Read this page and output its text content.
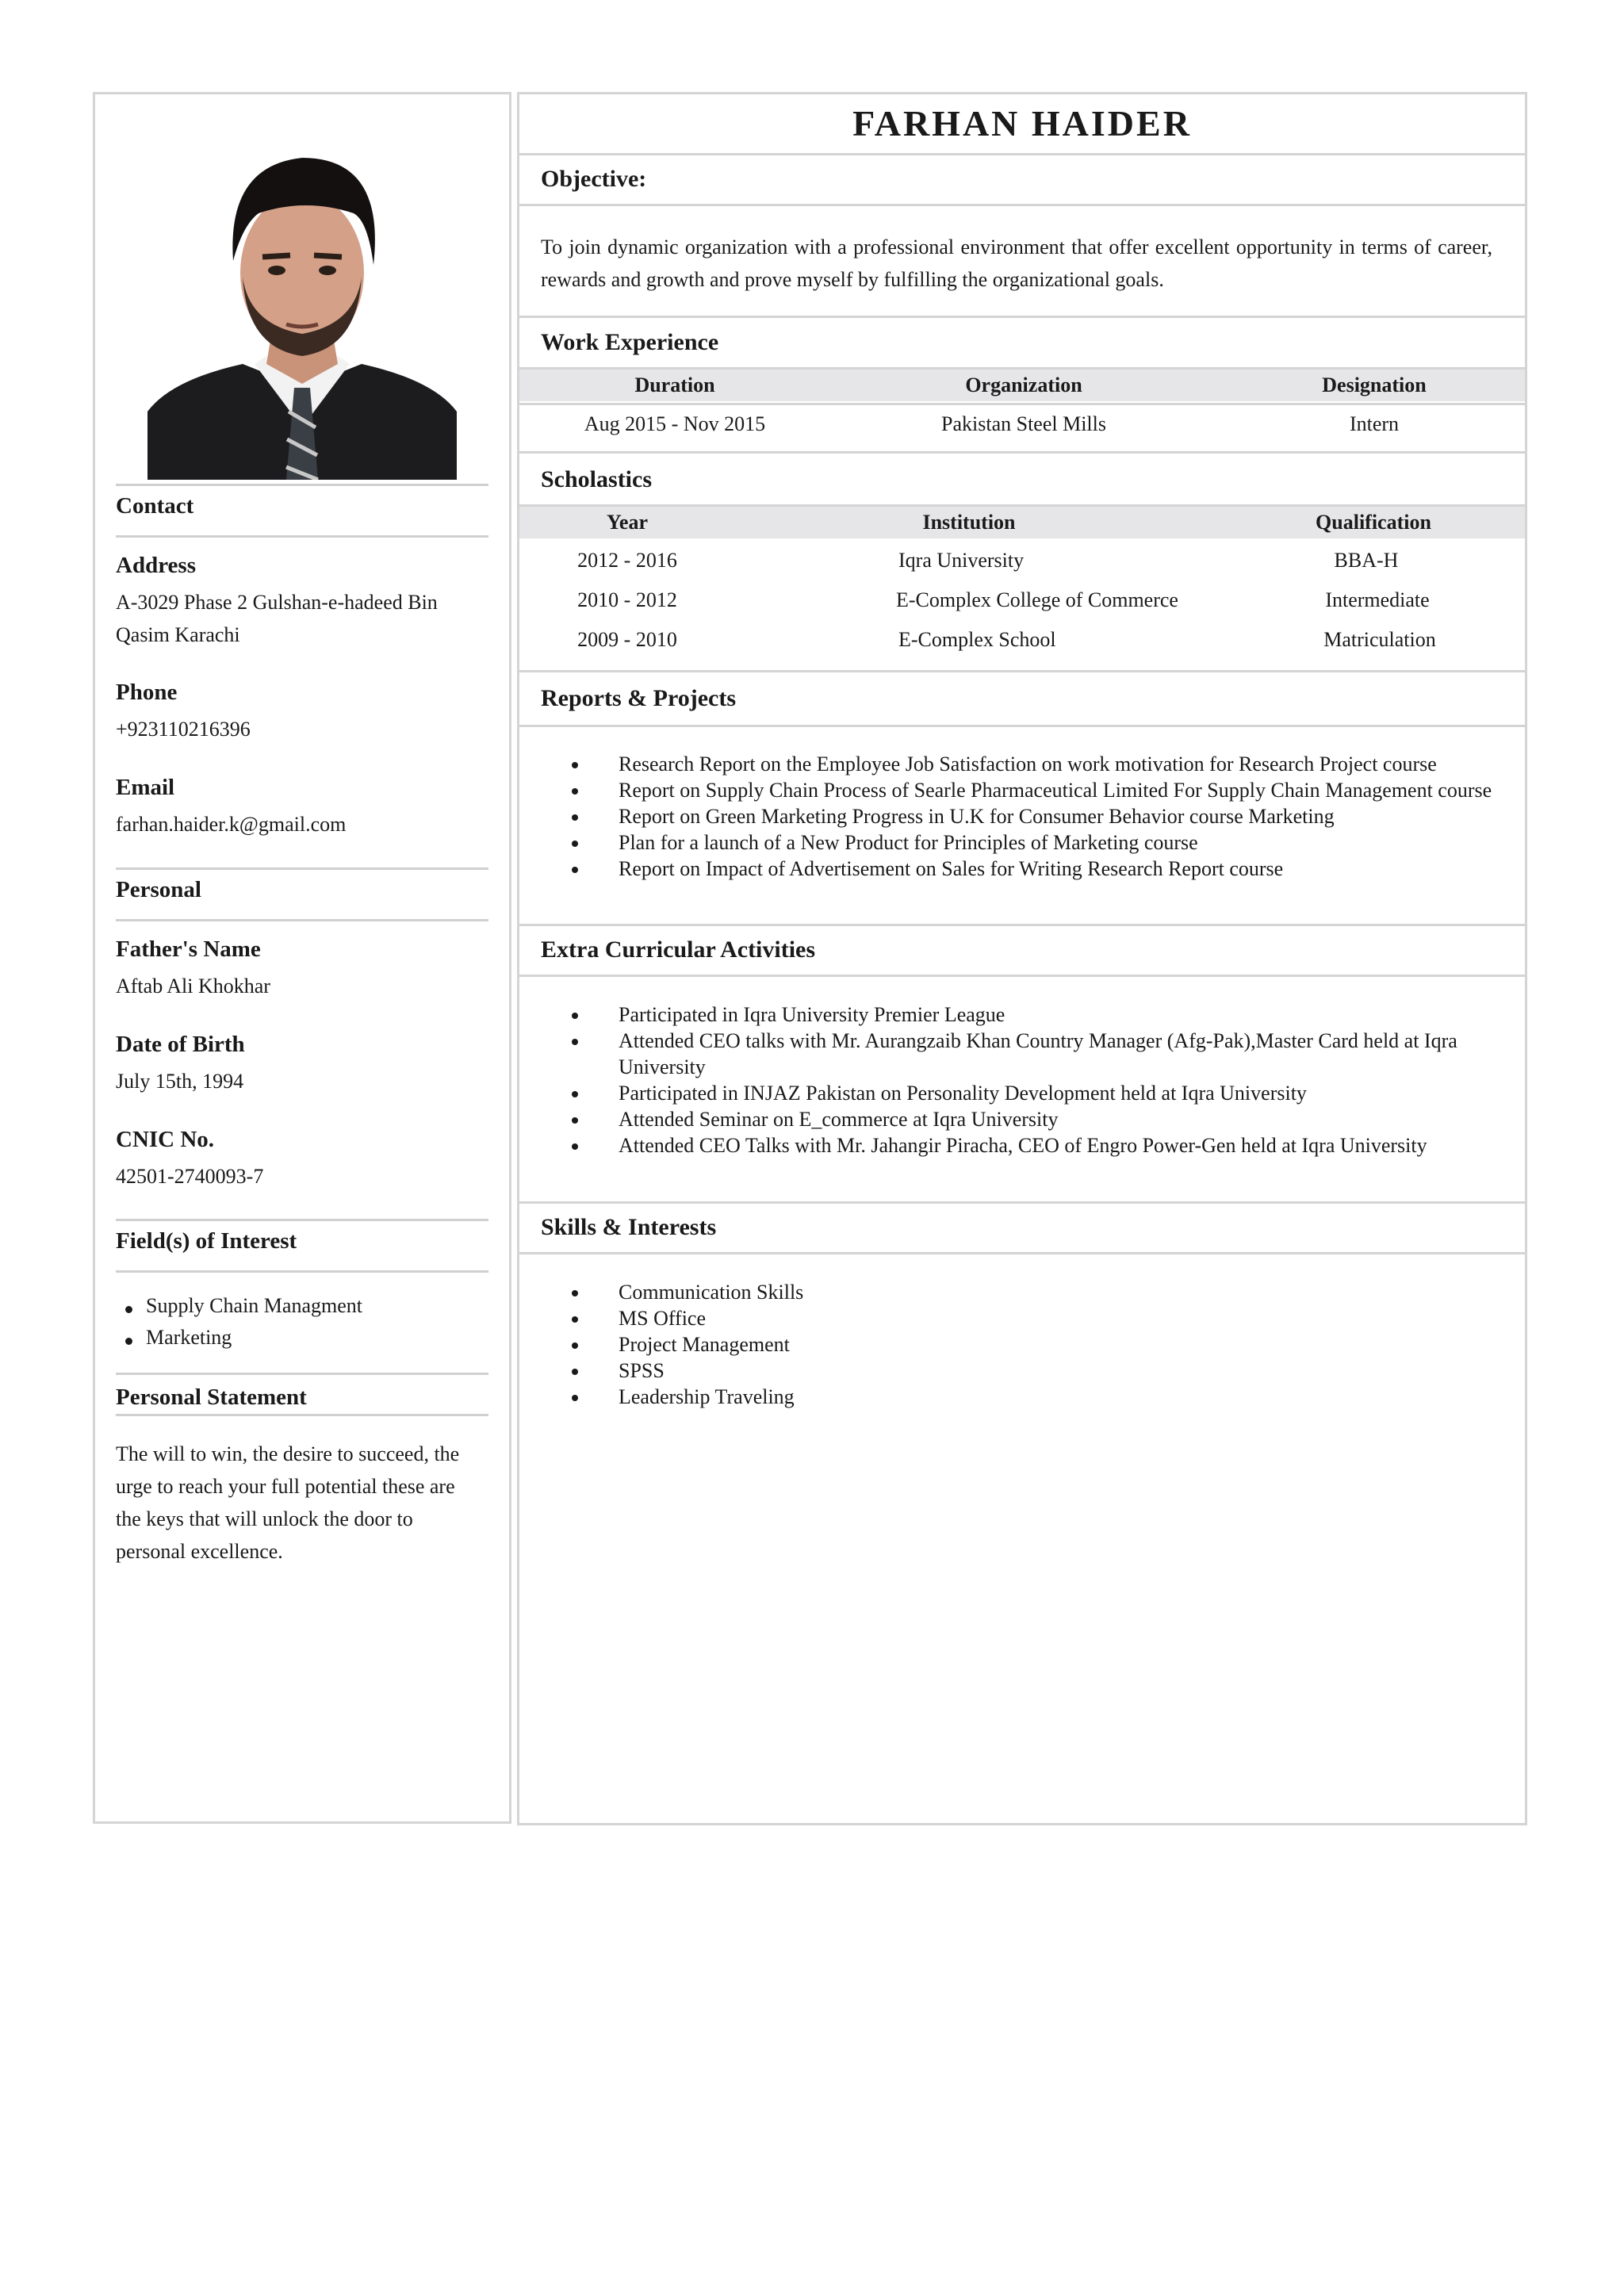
Contact
Address
A-3029 Phase 2 Gulshan-e-hadeed Bin Qasim Karachi
Phone
+923110216396
Email
farhan.haider.k@gmail.com
Personal
Father's Name
Aftab Ali Khokhar
Date of Birth
July 15th, 1994
CNIC No.
42501-2740093-7
Field(s) of Interest
Supply Chain Managment
Marketing
Personal Statement
The will to win, the desire to succeed, the urge to reach your full potential these are the keys that will unlock the door to personal excellence.
FARHAN HAIDER
Objective:
To join dynamic organization with a professional environment that offer excellent opportunity in terms of career, rewards and growth and prove myself by fulfilling the organizational goals.
Work Experience
Duration	Organization	Designation
Aug 2015 - Nov 2015	Pakistan Steel Mills	Intern
Scholastics
Year	Institution	Qualification
2012 - 2016	Iqra University	BBA-H
2010 - 2012	E-Complex College of Commerce	Intermediate
2009 - 2010	E-Complex School	Matriculation
Reports & Projects
Research Report on the Employee Job Satisfaction on work motivation for Research Project course
Report on Supply Chain Process of Searle Pharmaceutical Limited For Supply Chain Management course
Report on Green Marketing Progress in U.K for Consumer Behavior course Marketing
Plan for a launch of a New Product for Principles of Marketing course
Report on Impact of Advertisement on Sales for Writing Research Report course
Extra Curricular Activities
Participated in Iqra University Premier League
Attended CEO talks with Mr. Aurangzaib Khan Country Manager (Afg-Pak),Master Card held at Iqra University
Participated in INJAZ Pakistan on Personality Development held at Iqra University
Attended Seminar on E_commerce at Iqra University
Attended CEO Talks with Mr. Jahangir Piracha, CEO of Engro Power-Gen held at Iqra University
Skills & Interests
Communication Skills
MS Office
Project Management
SPSS
Leadership Traveling
